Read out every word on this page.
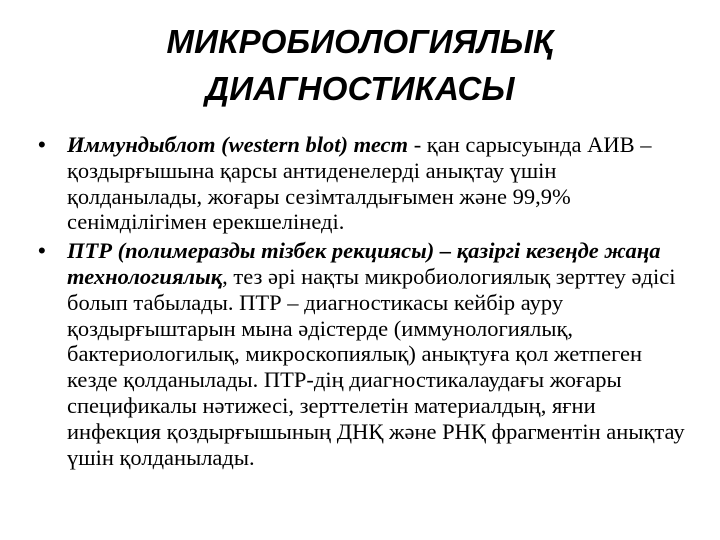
МИКРОБИОЛОГИЯЛЫҚ
ДИАГНОСТИКАСЫ
• Иммундыблот (western blot) тест - қан сарысуында АИВ –қоздырғышына қарсы антиденелерді анықтау үшін қолданылады, жоғары сезімталдығымен және 99,9% сенімділігімен ерекшелінеді.
• ПТР (полимеразды тізбек рекциясы) – қазіргі кезеңде жаңа технологиялық, тез әрі нақты микробиологиялық зерттеу әдісі болып табылады. ПТР – диагностикасы кейбір ауру қоздырғыштарын мына әдістерде (иммунологиялық, бактериологилық, микроскопиялық) анықтуға қол жетпеген кезде қолданылады. ПТР-дің диагностикалаудағы жоғары спецификалы нәтижесі, зерттелетін материалдың, яғни инфекция қоздырғышының ДНҚ және РНҚ фрагментін анықтау үшін қолданылады.
